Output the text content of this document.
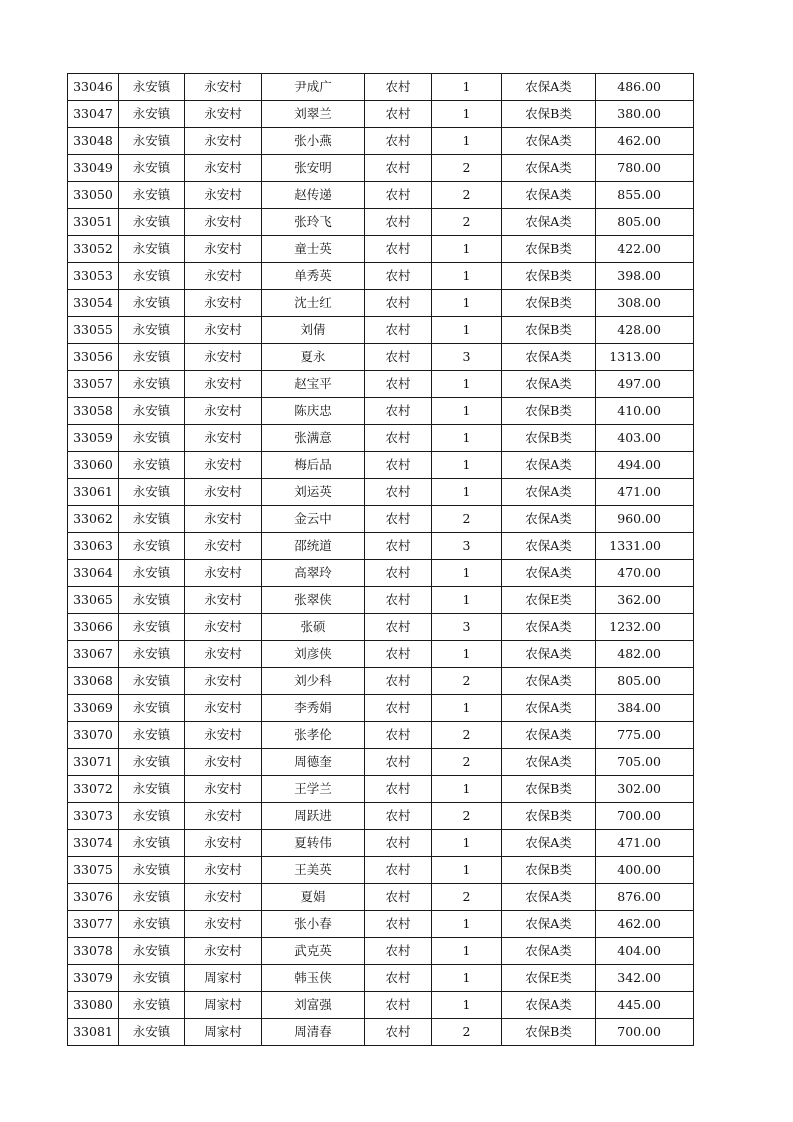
33046	永安镇	永安村	尹成广	农村	1	农保A类	486.00
33047	永安镇	永安村	刘翠兰	农村	1	农保B类	380.00
33048	永安镇	永安村	张小燕	农村	1	农保A类	462.00
33049	永安镇	永安村	张安明	农村	2	农保A类	780.00
33050	永安镇	永安村	赵传递	农村	2	农保A类	855.00
33051	永安镇	永安村	张玲飞	农村	2	农保A类	805.00
33052	永安镇	永安村	童士英	农村	1	农保B类	422.00
33053	永安镇	永安村	单秀英	农村	1	农保B类	398.00
33054	永安镇	永安村	沈士红	农村	1	农保B类	308.00
33055	永安镇	永安村	刘倩	农村	1	农保B类	428.00
33056	永安镇	永安村	夏永	农村	3	农保A类	1313.00
33057	永安镇	永安村	赵宝平	农村	1	农保A类	497.00
33058	永安镇	永安村	陈庆忠	农村	1	农保B类	410.00
33059	永安镇	永安村	张满意	农村	1	农保B类	403.00
33060	永安镇	永安村	梅后品	农村	1	农保A类	494.00
33061	永安镇	永安村	刘运英	农村	1	农保A类	471.00
33062	永安镇	永安村	金云中	农村	2	农保A类	960.00
33063	永安镇	永安村	邵统道	农村	3	农保A类	1331.00
33064	永安镇	永安村	高翠玲	农村	1	农保A类	470.00
33065	永安镇	永安村	张翠侠	农村	1	农保E类	362.00
33066	永安镇	永安村	张硕	农村	3	农保A类	1232.00
33067	永安镇	永安村	刘彦侠	农村	1	农保A类	482.00
33068	永安镇	永安村	刘少科	农村	2	农保A类	805.00
33069	永安镇	永安村	李秀娟	农村	1	农保A类	384.00
33070	永安镇	永安村	张孝伦	农村	2	农保A类	775.00
33071	永安镇	永安村	周德奎	农村	2	农保A类	705.00
33072	永安镇	永安村	王学兰	农村	1	农保B类	302.00
33073	永安镇	永安村	周跃进	农村	2	农保B类	700.00
33074	永安镇	永安村	夏转伟	农村	1	农保A类	471.00
33075	永安镇	永安村	王美英	农村	1	农保B类	400.00
33076	永安镇	永安村	夏娟	农村	2	农保A类	876.00
33077	永安镇	永安村	张小春	农村	1	农保A类	462.00
33078	永安镇	永安村	武克英	农村	1	农保A类	404.00
33079	永安镇	周家村	韩玉侠	农村	1	农保E类	342.00
33080	永安镇	周家村	刘富强	农村	1	农保A类	445.00
33081	永安镇	周家村	周清春	农村	2	农保B类	700.00
